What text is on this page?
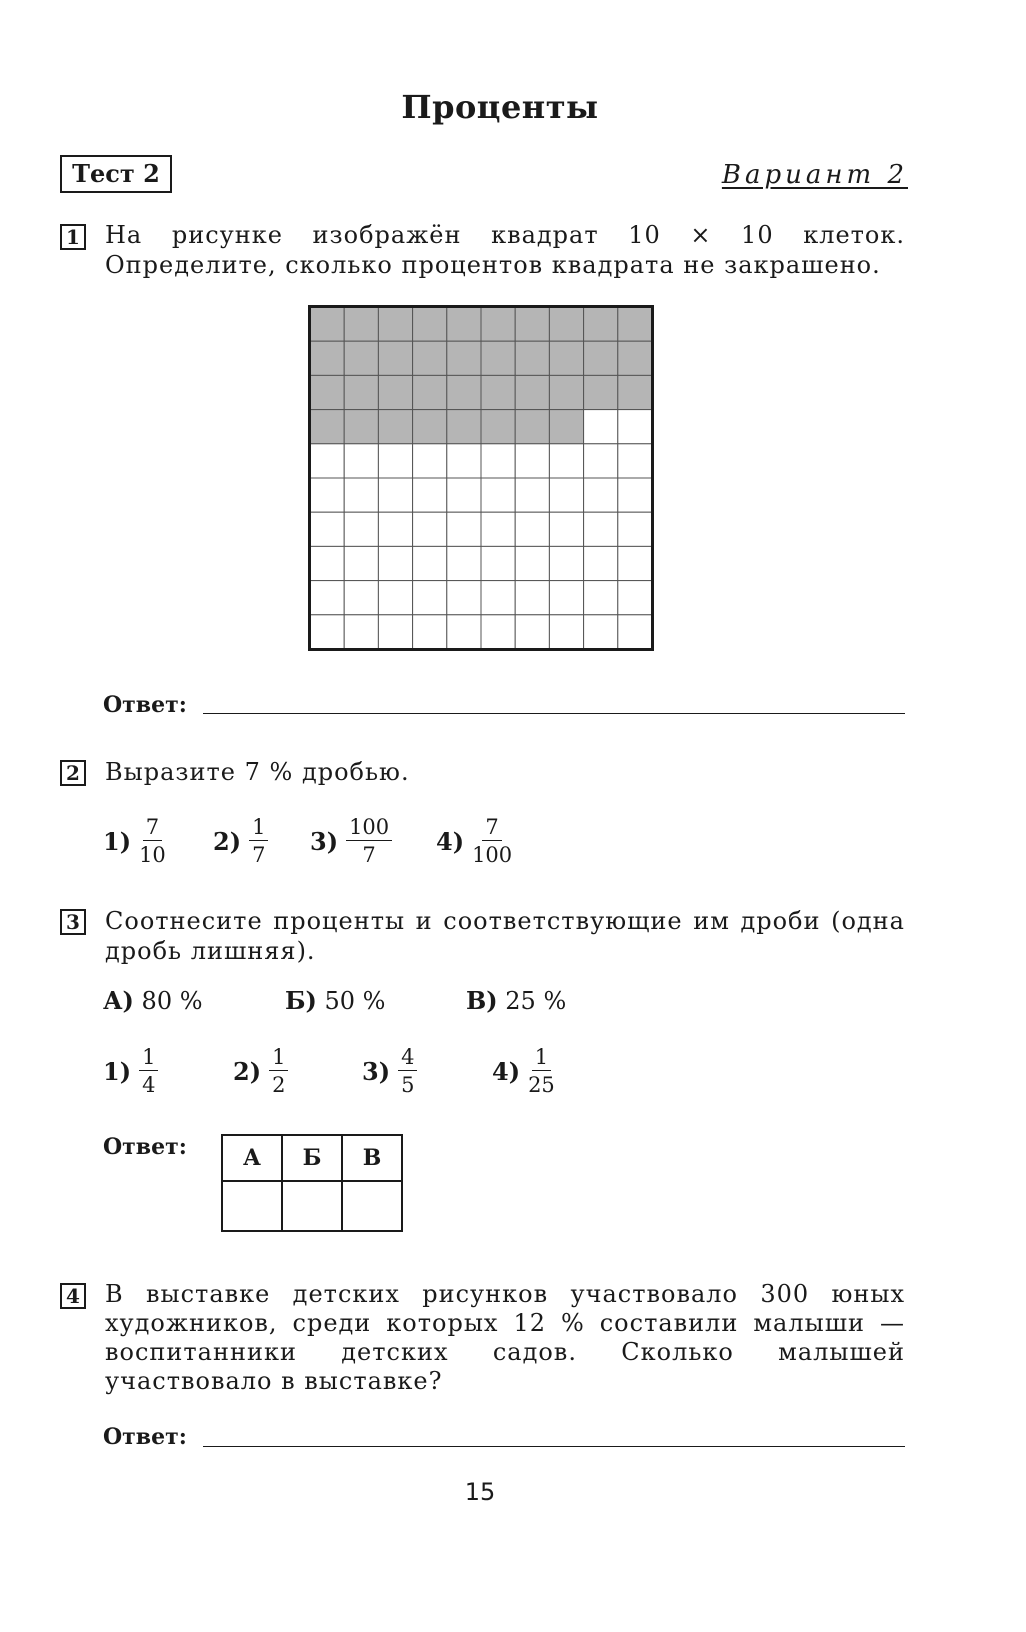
Проценты
Тест 2	Вариант 2
1 На рисунке изображён квадрат 10 × 10 клеток. Определите, сколько процентов квадрата не закрашено.
Ответ:
2 Выразите 7 % дробью.
$1) \frac{7}{10} 2) \frac{1}{7} 3) \frac{100}{7} 4) \frac{7}{100}$
3 Соотнесите проценты и соответствующие им дроби (одна дробь лишняя).
А) 80 %	Б) 50 %	В) 25 %
$1) \frac{1}{4}$	$2) \frac{1}{2}$	$3) \frac{4}{5}$	$4) \frac{1}{25}$
Ответ:	А	Б	В

4 В выставке детских рисунков участвовало 300 юных художников, среди которых 12 % составили малыши — воспитанники детских садов. Сколько малышей участвовало в выставке?
Ответ:
15
